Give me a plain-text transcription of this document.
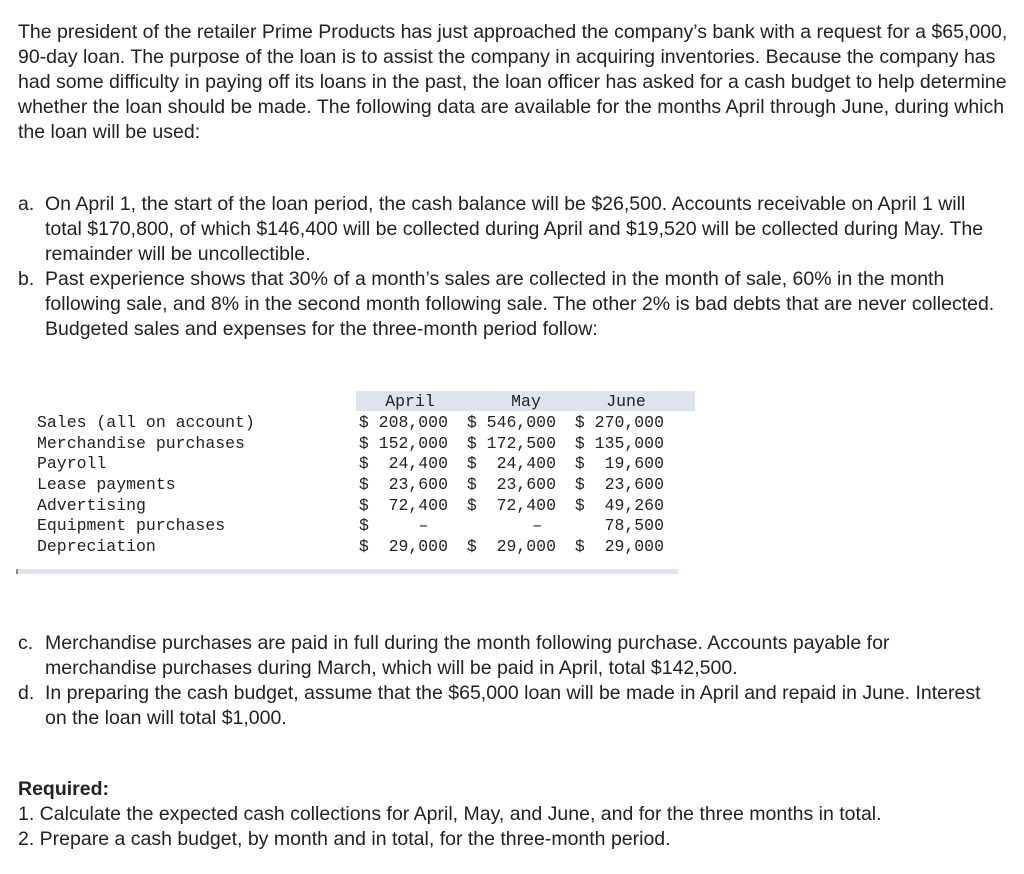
The president of the retailer Prime Products has just approached the company’s bank with a request for a $65,000, 90-day loan. The purpose of the loan is to assist the company in acquiring inventories. Because the company has had some difficulty in paying off its loans in the past, the loan officer has asked for a cash budget to help determine whether the loan should be made. The following data are available for the months April through June, during which the loan will be used:

a. On April 1, the start of the loan period, the cash balance will be $26,500. Accounts receivable on April 1 will total $170,800, of which $146,400 will be collected during April and $19,520 will be collected during May. The remainder will be uncollectible.
b. Past experience shows that 30% of a month’s sales are collected in the month of sale, 60% in the month following sale, and 8% in the second month following sale. The other 2% is bad debts that are never collected. Budgeted sales and expenses for the three-month period follow:
April	May	June
Sales (all on account)
Merchandise purchases
Payroll
Lease payments
Advertising
Equipment purchases
Depreciation
$ 208,000
$ 152,000
$  24,400
$  23,600
$  72,400
$     –
$  29,000
$ 546,000
$ 172,500
$  24,400
$  23,600
$  72,400
–
$  29,000
$ 270,000
$ 135,000
$  19,600
$  23,600
$  49,260
78,500
$  29,000
c. Merchandise purchases are paid in full during the month following purchase. Accounts payable for merchandise purchases during March, which will be paid in April, total $142,500.
d. In preparing the cash budget, assume that the $65,000 loan will be made in April and repaid in June. Interest on the loan will total $1,000.

Required:

1. Calculate the expected cash collections for April, May, and June, and for the three months in total.

2. Prepare a cash budget, by month and in total, for the three-month period.
